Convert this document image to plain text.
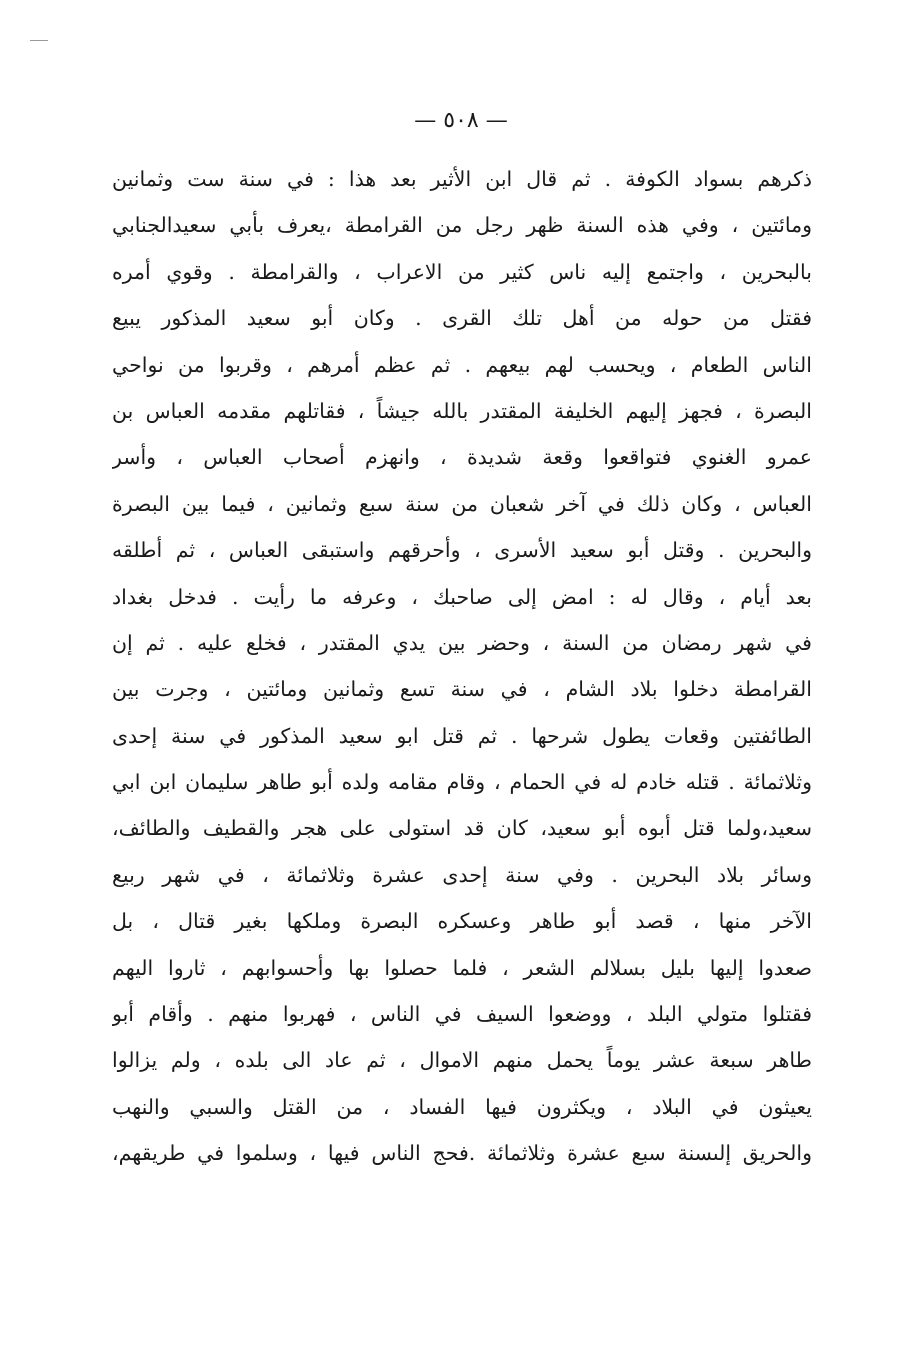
— ٥٠٨ —
ذكرهم بسواد الكوفة . ثم قال ابن الأثير بعد هذا : في سنة ست وثمانين
ومائتين ، وفي هذه السنة ظهر رجل من القرامطة ،يعرف بأبي سعيدالجنابي
بالبحرين ، واجتمع إليه ناس كثير من الاعراب ، والقرامطة . وقوي أمره
فقتل من حوله من أهل تلك القرى . وكان أبو سعيد المذكور يبيع
الناس الطعام ، ويحسب لهم بيعهم . ثم عظم أمرهم ، وقربوا من نواحي
البصرة ، فجهز إليهم الخليفة المقتدر بالله جيشاً ، فقاتلهم مقدمه العباس بن
عمرو الغنوي فتواقعوا وقعة شديدة ، وانهزم أصحاب العباس ، وأسر
العباس ، وكان ذلك في آخر شعبان من سنة سبع وثمانين ، فيما بين البصرة
والبحرين . وقتل أبو سعيد الأسرى ، وأحرقهم واستبقى العباس ، ثم أطلقه
بعد أيام ، وقال له : امض إلى صاحبك ، وعرفه ما رأيت . فدخل بغداد
في شهر رمضان من السنة ، وحضر بين يدي المقتدر ، فخلع عليه . ثم إن
القرامطة دخلوا بلاد الشام ، في سنة تسع وثمانين ومائتين ، وجرت بين
الطائفتين وقعات يطول شرحها . ثم قتل ابو سعيد المذكور في سنة إحدى
وثلاثمائة . قتله خادم له في الحمام ، وقام مقامه ولده أبو طاهر سليمان ابن ابي
سعيد،ولما قتل أبوه أبو سعيد، كان قد استولى على هجر والقطيف والطائف،
وسائر بلاد البحرين . وفي سنة إحدى عشرة وثلاثمائة ، في شهر ربيع
الآخر منها ، قصد أبو طاهر وعسكره البصرة وملكها بغير قتال ، بل
صعدوا إليها بليل بسلالم الشعر ، فلما حصلوا بها وأحسوابهم ، ثاروا اليهم
فقتلوا متولي البلد ، ووضعوا السيف في الناس ، فهربوا منهم . وأقام أبو
طاهر سبعة عشر يوماً يحمل منهم الاموال ، ثم عاد الى بلده ، ولم يزالوا
يعيثون في البلاد ، ويكثرون فيها الفساد ، من القتل والسبي والنهب
والحريق إلىسنة سبع عشرة وثلاثمائة .فحج الناس فيها ، وسلموا في طريقهم،
